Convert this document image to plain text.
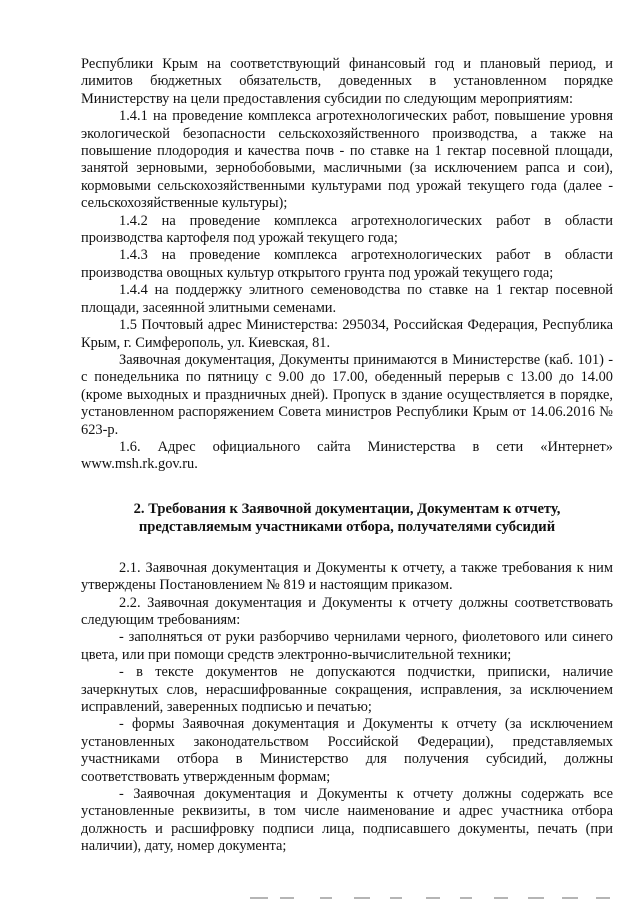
Республики Крым на соответствующий финансовый год и плановый период, и лимитов бюджетных обязательств, доведенных в установленном порядке Министерству на цели предоставления субсидии по следующим мероприятиям:

1.4.1 на проведение комплекса агротехнологических работ, повышение уровня экологической безопасности сельскохозяйственного производства, а также на повышение плодородия и качества почв - по ставке на 1 гектар посевной площади, занятой зерновыми, зернобобовыми, масличными (за исключением рапса и сои), кормовыми сельскохозяйственными культурами под урожай текущего года (далее - сельскохозяйственные культуры);

1.4.2 на проведение комплекса агротехнологических работ в области производства картофеля под урожай текущего года;

1.4.3 на проведение комплекса агротехнологических работ в области производства овощных культур открытого грунта под урожай текущего года;

1.4.4 на поддержку элитного семеноводства по ставке на 1 гектар посевной площади, засеянной элитными семенами.

1.5 Почтовый адрес Министерства: 295034, Российская Федерация, Республика Крым, г. Симферополь, ул. Киевская, 81.

Заявочная документация, Документы принимаются в Министерстве (каб. 101) - с понедельника по пятницу с 9.00 до 17.00, обеденный перерыв с 13.00 до 14.00 (кроме выходных и праздничных дней). Пропуск в здание осуществляется в порядке, установленном распоряжением Совета министров Республики Крым от 14.06.2016 № 623-р.

1.6. Адрес официального сайта Министерства в сети «Интернет» www.msh.rk.gov.ru.

2. Требования к Заявочной документации, Документам к отчету,
представляемым участниками отбора, получателями субсидий

2.1. Заявочная документация и Документы к отчету, а также требования к ним утверждены Постановлением № 819 и настоящим приказом.

2.2. Заявочная документация и Документы к отчету должны соответствовать следующим требованиям:

- заполняться от руки разборчиво чернилами черного, фиолетового или синего цвета, или при помощи средств электронно-вычислительной техники;

- в тексте документов не допускаются подчистки, приписки, наличие зачеркнутых слов, нерасшифрованные сокращения, исправления, за исключением исправлений, заверенных подписью и печатью;

- формы Заявочная документация и Документы к отчету (за исключением установленных законодательством Российской Федерации), представляемых участниками отбора в Министерство для получения субсидий, должны соответствовать утвержденным формам;

- Заявочная документация и Документы к отчету должны содержать все установленные реквизиты, в том числе наименование и адрес участника отбора должность и расшифровку подписи лица, подписавшего документы, печать (при наличии), дату, номер документа;
